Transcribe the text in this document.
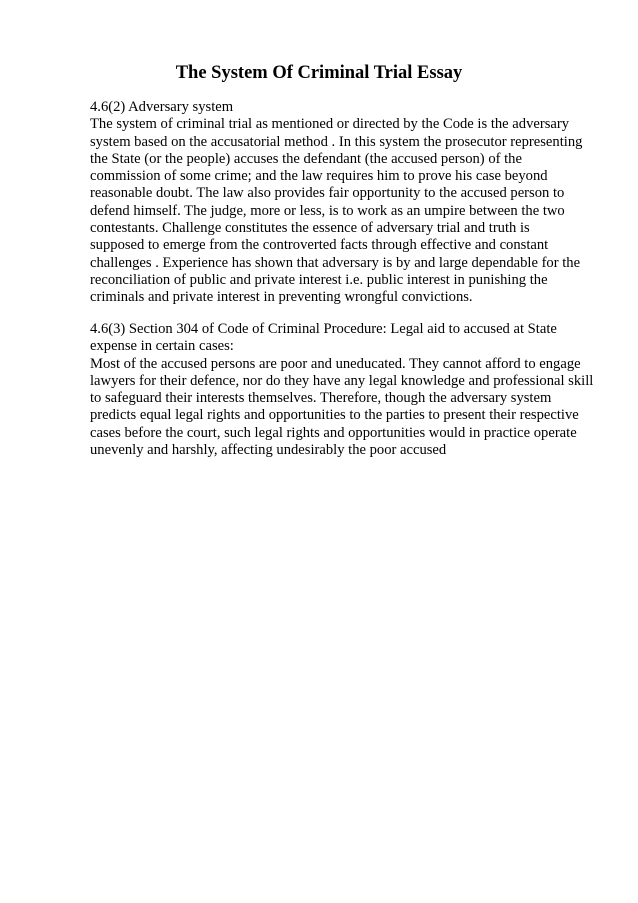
The System Of Criminal Trial Essay
4.6(2) Adversary system
The system of criminal trial as mentioned or directed by the Code is the adversary
system based on the accusatorial method . In this system the prosecutor representing
the State (or the people) accuses the defendant (the accused person) of the
commission of some crime; and the law requires him to prove his case beyond
reasonable doubt. The law also provides fair opportunity to the accused person to
defend himself. The judge, more or less, is to work as an umpire between the two
contestants. Challenge constitutes the essence of adversary trial and truth is
supposed to emerge from the controverted facts through effective and constant
challenges . Experience has shown that adversary is by and large dependable for the
reconciliation of public and private interest i.e. public interest in punishing the
criminals and private interest in preventing wrongful convictions.
4.6(3) Section 304 of Code of Criminal Procedure: Legal aid to accused at State
expense in certain cases:
Most of the accused persons are poor and uneducated. They cannot afford to engage
lawyers for their defence, nor do they have any legal knowledge and professional skill
to safeguard their interests themselves. Therefore, though the adversary system
predicts equal legal rights and opportunities to the parties to present their respective
cases before the court, such legal rights and opportunities would in practice operate
unevenly and harshly, affecting undesirably the poor accused
